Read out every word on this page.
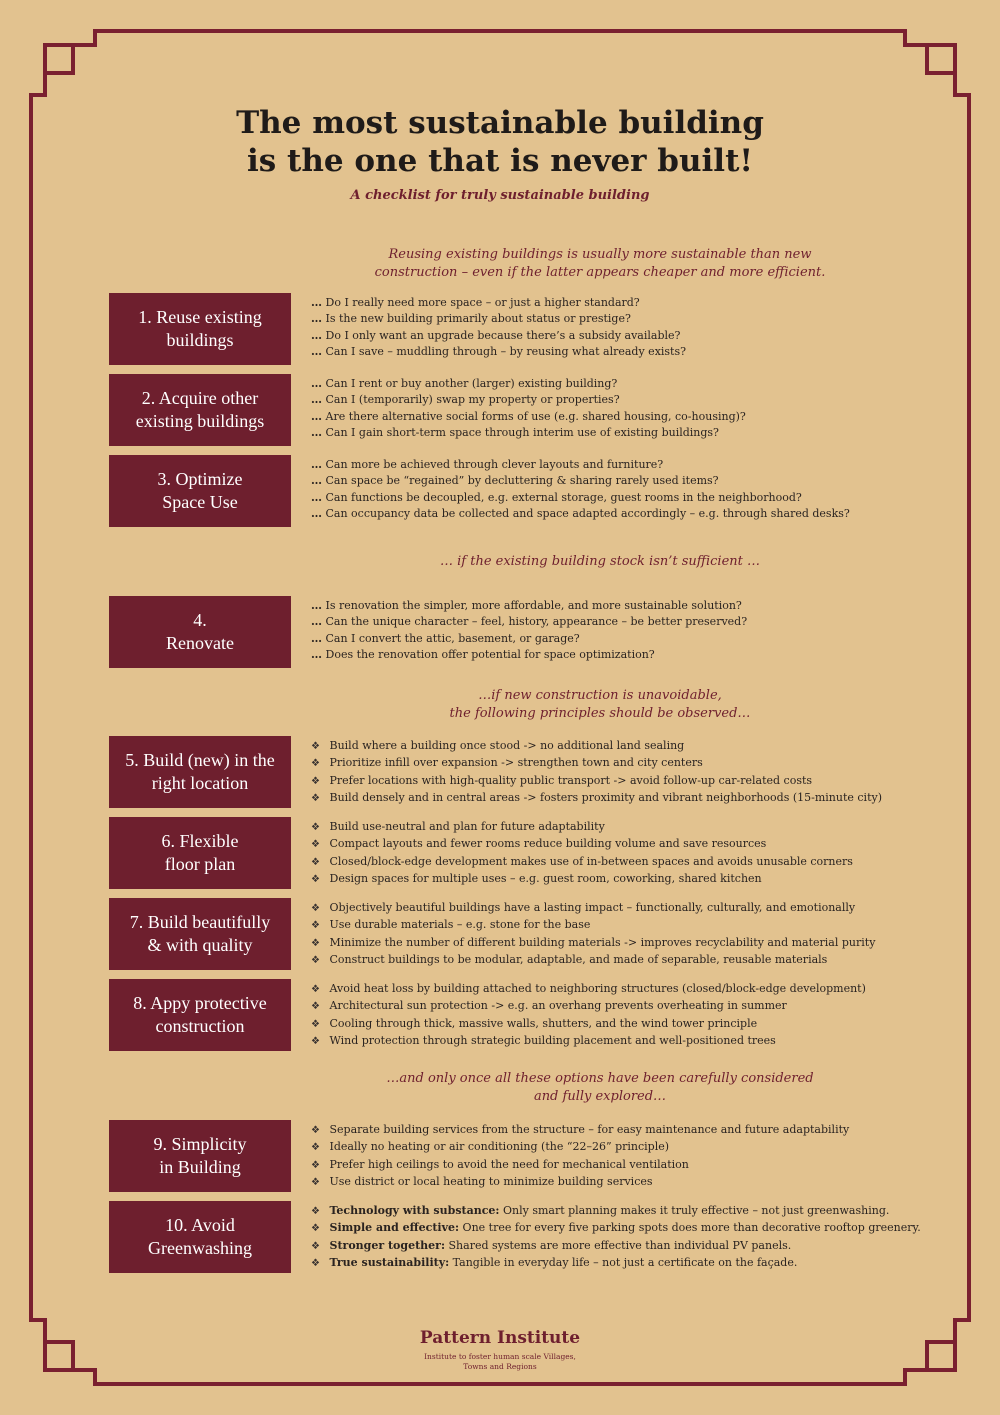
The most sustainable building
is the one that is never built!
A checklist for truly sustainable building
Reusing existing buildings is usually more sustainable than new
construction – even if the latter appears cheaper and more efficient.
… if the existing building stock isn’t sufficient …
…if new construction is unavoidable,
the following principles should be observed…
…and only once all these options have been carefully considered
and fully explored…
1. Reuse existing
buildings
… Do I really need more space – or just a higher standard?
… Is the new building primarily about status or prestige?
… Do I only want an upgrade because there’s a subsidy available?
… Can I save – muddling through – by reusing what already exists?
2. Acquire other
existing buildings
… Can I rent or buy another (larger) existing building?
… Can I (temporarily) swap my property or properties?
… Are there alternative social forms of use (e.g. shared housing, co-housing)?
… Can I gain short-term space through interim use of existing buildings?
3. Optimize
Space Use
… Can more be achieved through clever layouts and furniture?
… Can space be “regained” by decluttering & sharing rarely used items?
… Can functions be decoupled, e.g. external storage, guest rooms in the neighborhood?
… Can occupancy data be collected and space adapted accordingly – e.g. through shared desks?
4.
Renovate
… Is renovation the simpler, more affordable, and more sustainable solution?
… Can the unique character – feel, history, appearance – be better preserved?
… Can I convert the attic, basement, or garage?
… Does the renovation offer potential for space optimization?
5. Build (new) in the
right location
❖ Build where a building once stood -> no additional land sealing
❖ Prioritize infill over expansion -> strengthen town and city centers
❖ Prefer locations with high-quality public transport -> avoid follow-up car-related costs
❖ Build densely and in central areas -> fosters proximity and vibrant neighborhoods (15-minute city)
6. Flexible
floor plan
❖ Build use-neutral and plan for future adaptability
❖ Compact layouts and fewer rooms reduce building volume and save resources
❖ Closed/block-edge development makes use of in-between spaces and avoids unusable corners
❖ Design spaces for multiple uses – e.g. guest room, coworking, shared kitchen
7. Build beautifully
& with quality
❖ Objectively beautiful buildings have a lasting impact – functionally, culturally, and emotionally
❖ Use durable materials – e.g. stone for the base
❖ Minimize the number of different building materials -> improves recyclability and material purity
❖ Construct buildings to be modular, adaptable, and made of separable, reusable materials
8. Appy protective
construction
❖ Avoid heat loss by building attached to neighboring structures (closed/block-edge development)
❖ Architectural sun protection -> e.g. an overhang prevents overheating in summer
❖ Cooling through thick, massive walls, shutters, and the wind tower principle
❖ Wind protection through strategic building placement and well-positioned trees
9. Simplicity
in Building
❖ Separate building services from the structure – for easy maintenance and future adaptability
❖ Ideally no heating or air conditioning (the “22–26” principle)
❖ Prefer high ceilings to avoid the need for mechanical ventilation
❖ Use district or local heating to minimize building services
10. Avoid
Greenwashing
❖ Technology with substance: Only smart planning makes it truly effective – not just greenwashing.
❖ Simple and effective: One tree for every five parking spots does more than decorative rooftop greenery.
❖ Stronger together: Shared systems are more effective than individual PV panels.
❖ True sustainability: Tangible in everyday life – not just a certificate on the façade.
Pattern Institute
Institute to foster human scale Villages,
Towns and Regions
